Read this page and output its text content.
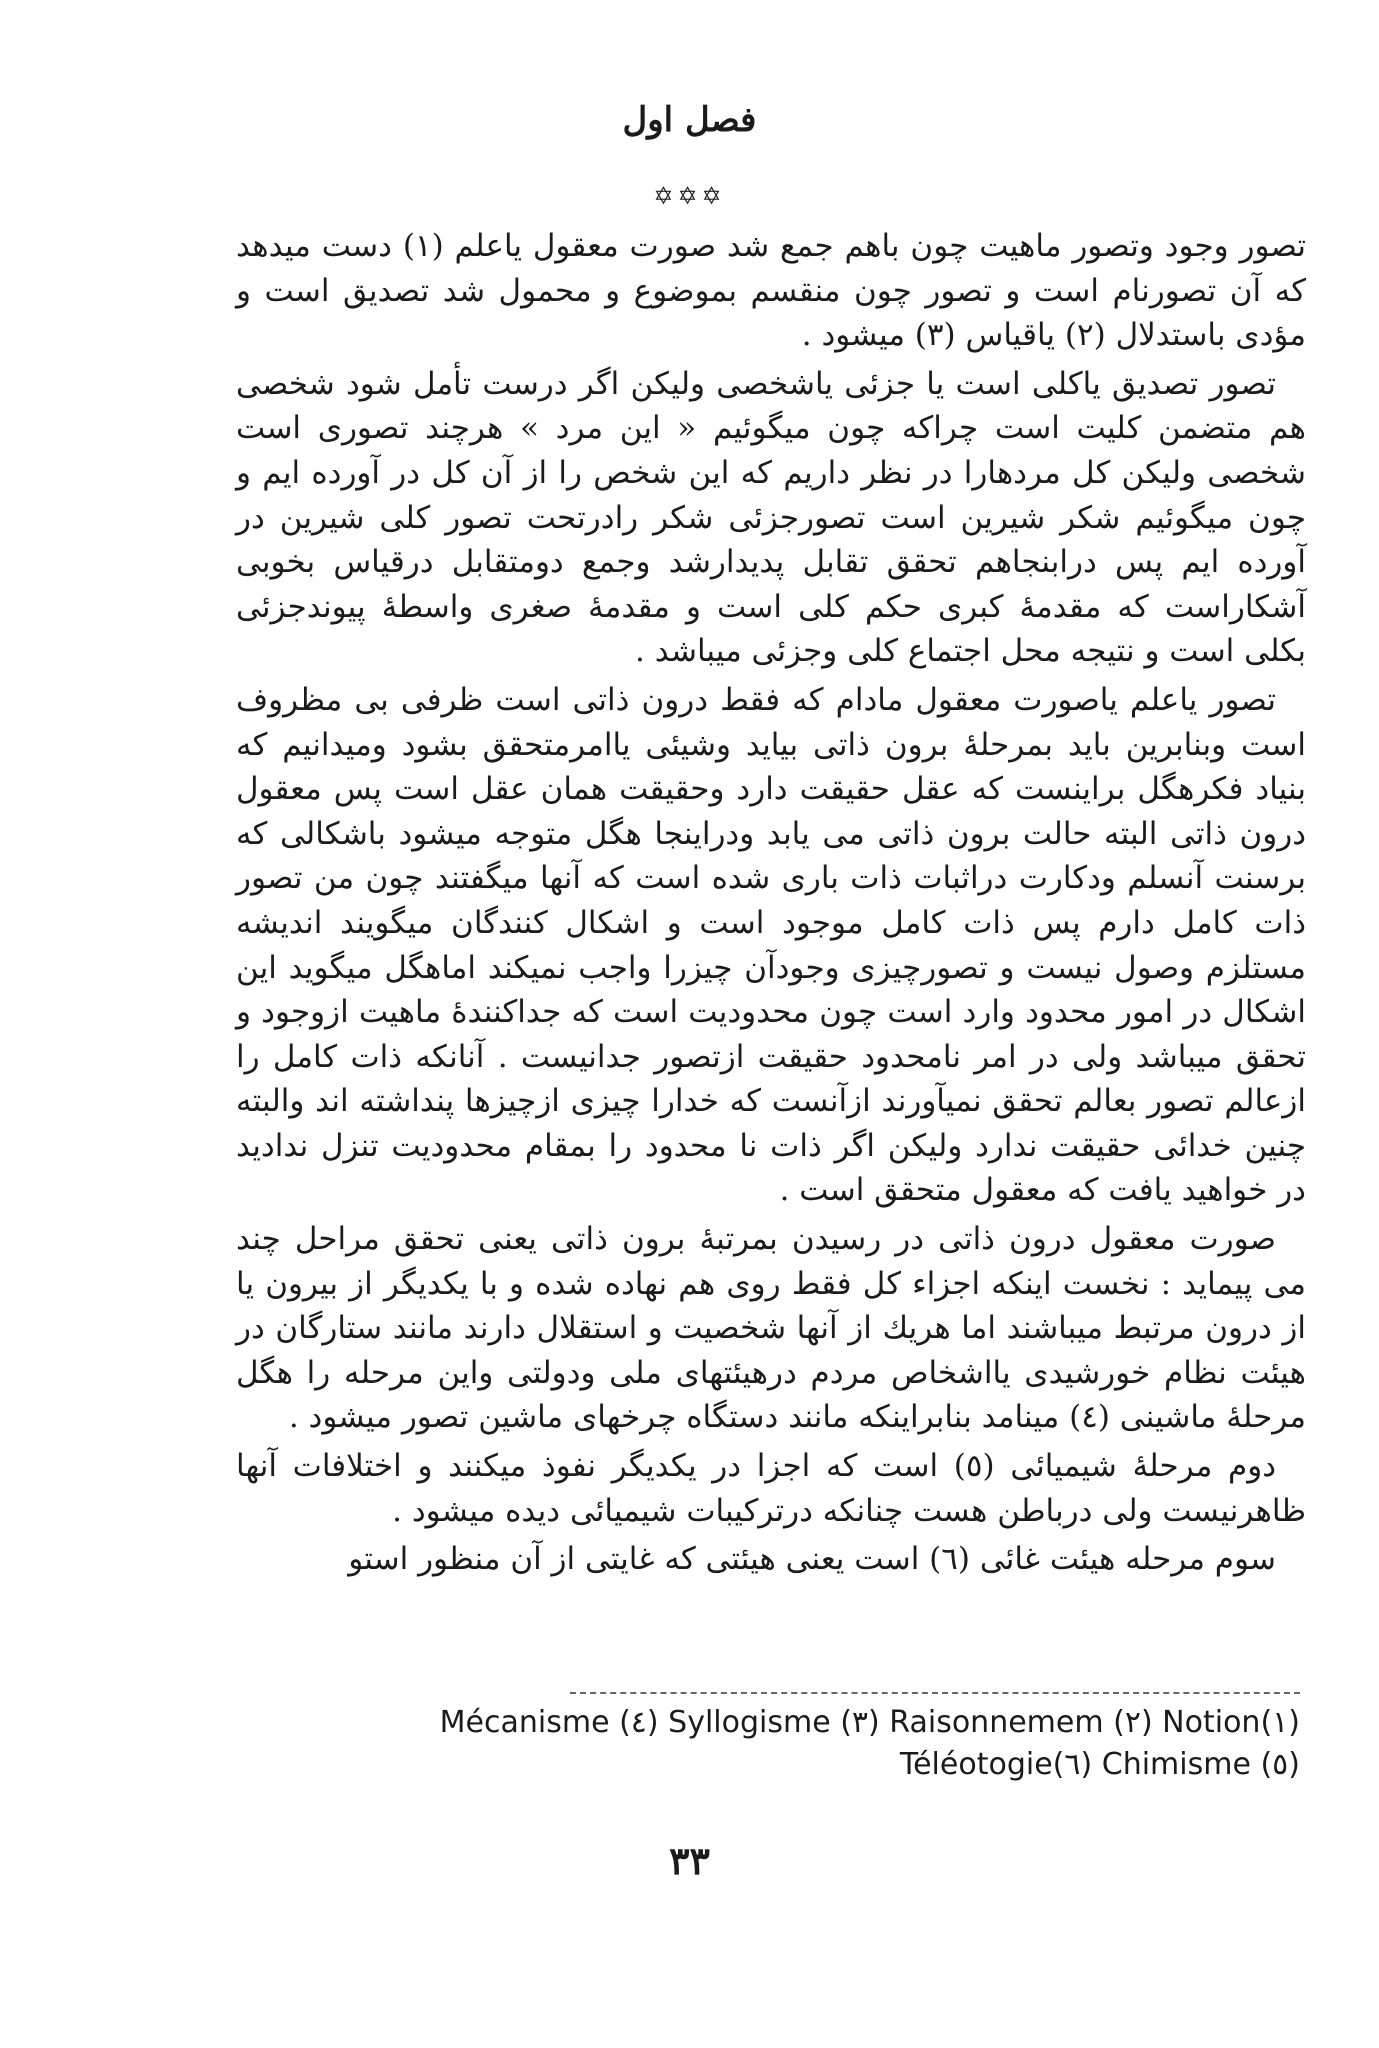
فصل اول
✡✡✡

تصور وجود وتصور ماهیت چون باهم جمع شد صورت معقول یاعلم (۱) دست میدهد که آن تصورنام است و تصور چون منقسم بموضوع و محمول شد تصدیق است و مؤدی باستدلال (۲) یاقیاس (۳) میشود .

تصور تصدیق یاکلی است یا جزئی یاشخصی ولیکن اگر درست تأمل شود شخصی هم متضمن کلیت است چراکه چون میگوئیم « این مرد » هرچند تصوری است شخصی ولیکن کل مردهارا در نظر داریم که این شخص را از آن کل در آورده ایم و چون میگوئیم شکر شیرین است تصورجزئی شکر رادرتحت تصور کلی شیرین در آورده ایم پس درابنجاهم تحقق تقابل پدیدارشد وجمع دومتقابل درقیاس بخوبی آشکاراست که مقدمهٔ کبری حکم کلی است و مقدمهٔ صغری واسطهٔ پیوندجزئی بکلی است و نتیجه محل اجتماع کلی وجزئی میباشد .

تصور یاعلم یاصورت معقول مادام که فقط درون ذاتی است ظرفی بی مظروف است وبنابرین باید بمرحلهٔ برون ذاتی بیاید وشیئی یاامرمتحقق بشود ومیدانیم که بنیاد فکرهگل براینست که عقل حقیقت دارد وحقیقت همان عقل است پس معقول درون ذاتی البته حالت برون ذاتی می یابد ودراینجا هگل متوجه میشود باشکالی که برسنت آنسلم ودکارت دراثبات ذات باری شده است که آنها میگفتند چون من تصور ذات کامل دارم پس ذات کامل موجود است و اشکال کنندگان میگویند اندیشه مستلزم وصول نیست و تصورچیزی وجودآن چیزرا واجب نمیکند اماهگل میگوید این اشکال در امور محدود وارد است چون محدودیت است که جداکنندهٔ ماهیت ازوجود و تحقق میباشد ولی در امر نامحدود حقیقت ازتصور جدانیست . آنانکه ذات کامل را ازعالم تصور بعالم تحقق نمیآورند ازآنست که خدارا چیزی ازچیزها پنداشته اند والبته چنین خدائی حقیقت ندارد ولیکن اگر ذات نا محدود را بمقام محدودیت تنزل ندادید در خواهید یافت که معقول متحقق است .

صورت معقول درون ذاتی در رسیدن بمرتبهٔ برون ذاتی یعنی تحقق مراحل چند می پیماید : نخست اینکه اجزاء کل فقط روی هم نهاده شده و با یکدیگر از بیرون یا از درون مرتبط میباشند اما هریك از آنها شخصیت و استقلال دارند مانند ستارگان در هیئت نظام خورشیدی یااشخاص مردم درهیئتهای ملی ودولتی واین مرحله را هگل مرحلهٔ ماشینی (٤) مینامد بنابراینکه مانند دستگاه چرخهای ماشین تصور میشود .

دوم مرحلهٔ شیمیائی (٥) است که اجزا در یکدیگر نفوذ میکنند و اختلافات آنها ظاهرنیست ولی درباطن هست چنانکه درترکیبات شیمیائی دیده میشود .

سوم مرحله هیئت غائی (٦) است یعنی هیئتی که غایتی از آن منظور استو

Mécanisme (٤) Syllogisme (٣) Raisonnemem (٢) Notion(١)
Téléotogie(٦) Chimisme (٥)
٣٣
